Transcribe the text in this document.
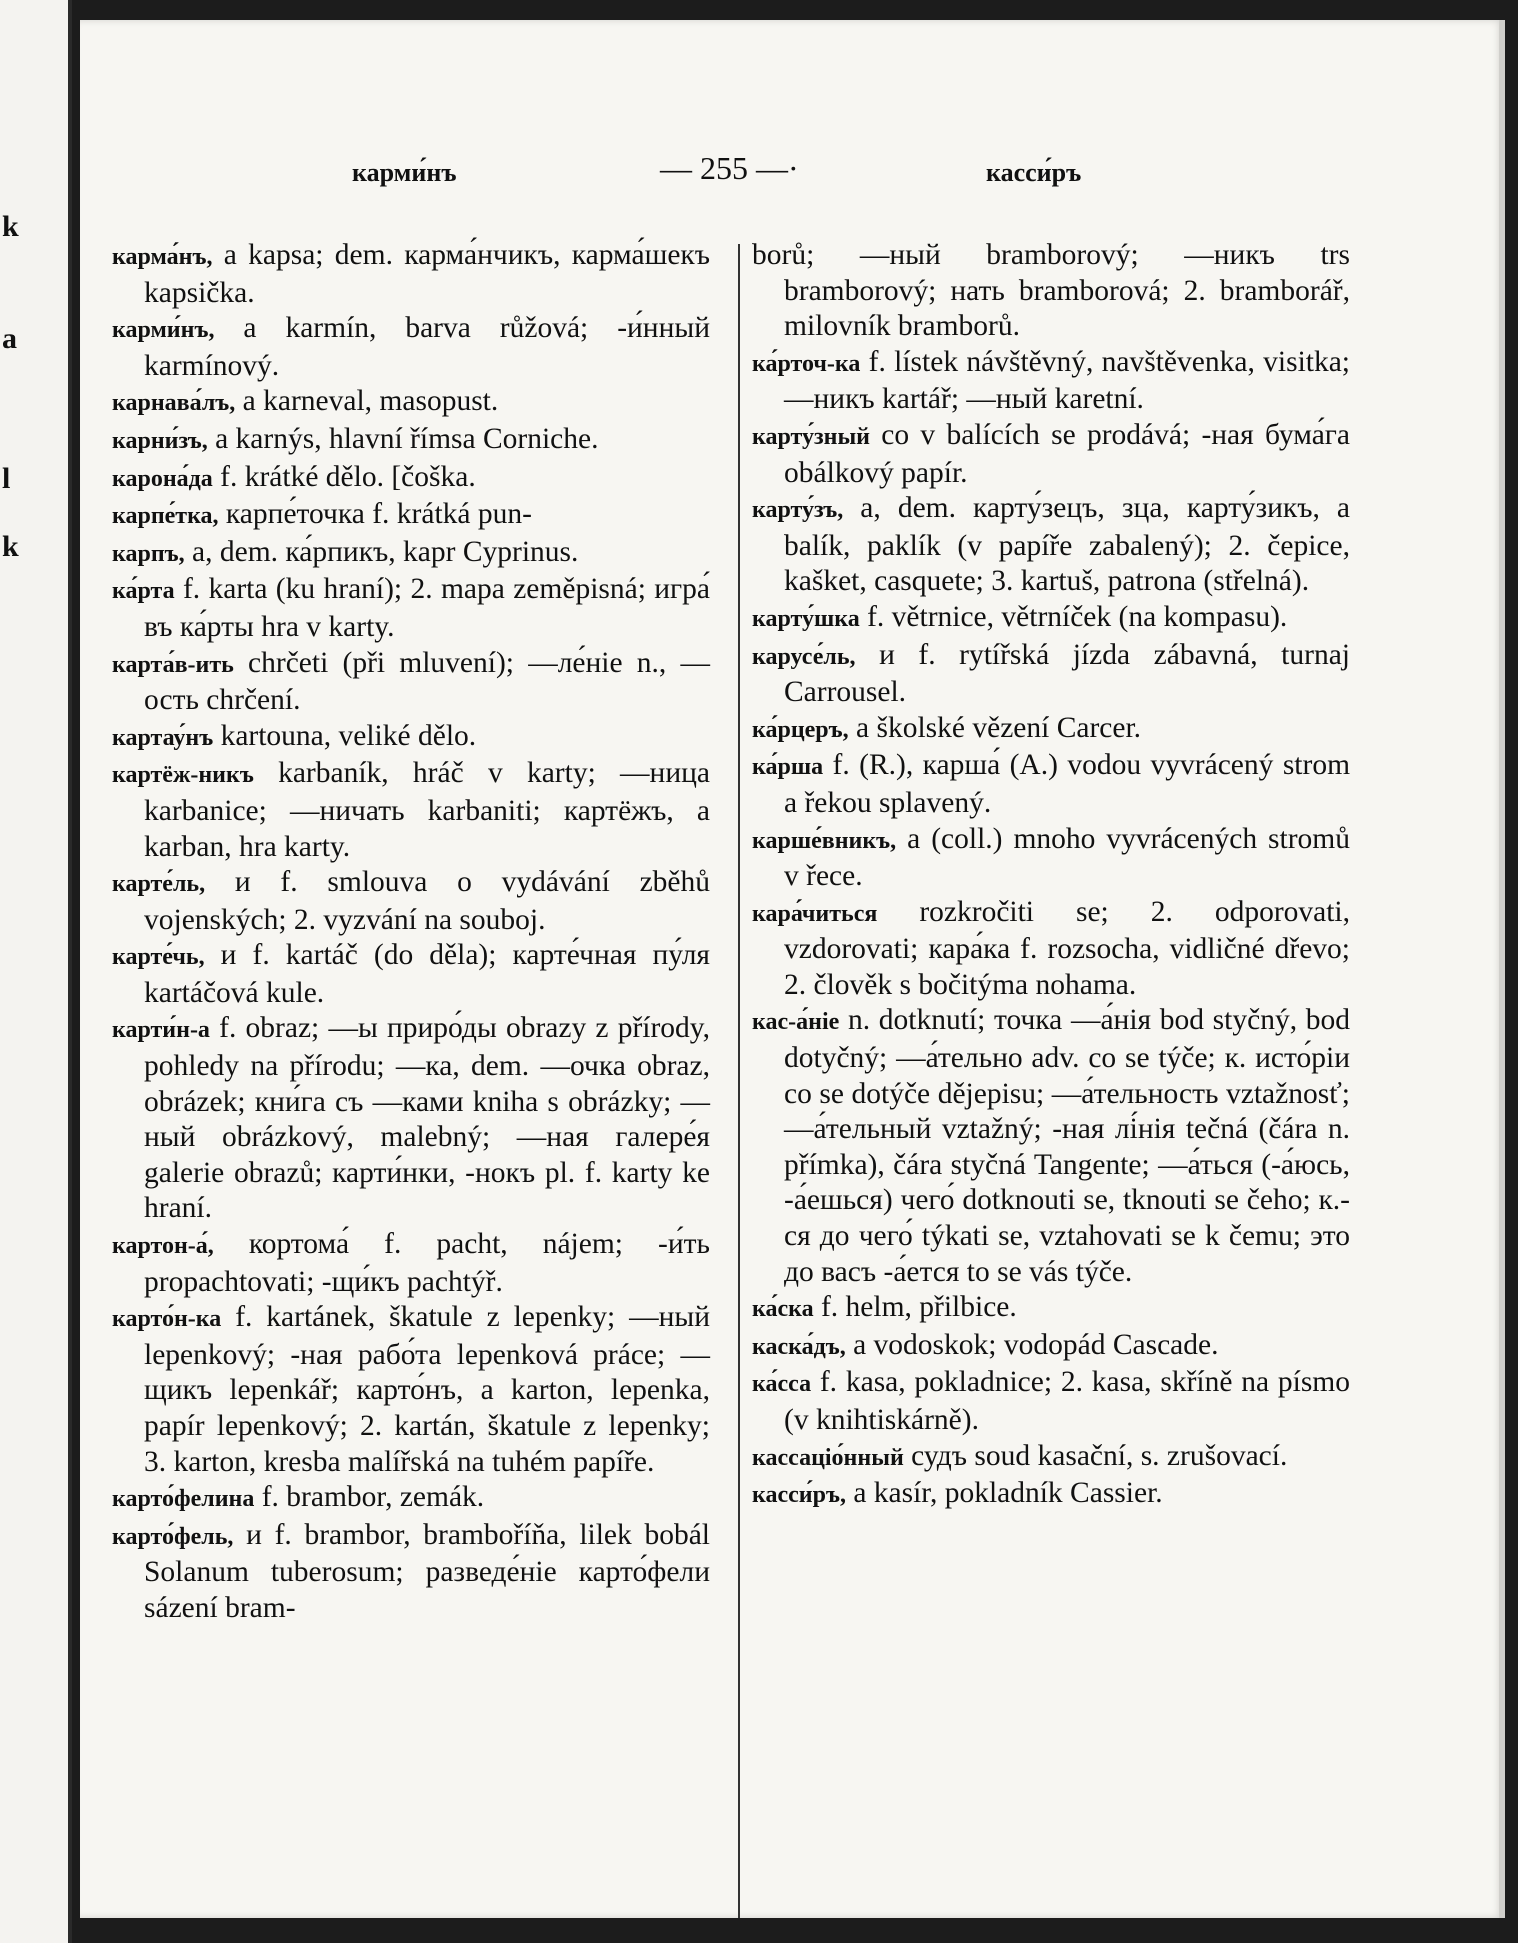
k
a
l
k
карми́нъ	— 255 —·	касси́ръ
карма́нъ, a kapsa; dem. карма́нчикъ, карма́шекъ kapsička.
карми́нъ, a karmín, barva růžová; -и́нный karmínový.
карнава́лъ, a karneval, masopust.
карни́зъ, a karnýs, hlavní římsa Corniche.
карона́да f. krátké dělo. [čoška.
карпе́тка, карпе́точка f. krátká pun-
карпъ, a, dem. ка́рпикъ, kapr Cyprinus.
ка́рта f. karta (ku hraní); 2. mapa zeměpisná; игра́ въ ка́рты hra v karty.
карта́в-ить chrčeti (při mluvení); —ле́ніе n., —ость chrčení.
картау́нъ kartouna, veliké dělo.
картёж-никъ karbaník, hráč v karty; —ница karbanice; —ничать karbaniti; картёжъ, a karban, hra karty.
карте́ль, и f. smlouva o vydávání zběhů vojenských; 2. vyzvání na souboj.
карте́чь, и f. kartáč (do děla); карте́чная пу́ля kartáčová kule.
карти́н-а f. obraz; —ы приро́ды obrazy z přírody, pohledy na přírodu; —ка, dem. —очка obraz, obrázek; кни́га съ —ками kniha s obrázky; —ный obrázkový, malebný; —ная галере́я galerie obrazů; карти́нки, -нокъ pl. f. karty ke hraní.
картон-а́, кортома́ f. pacht, nájem; -и́ть propachtovati; -щи́къ pachtýř.
карто́н-ка f. kartánek, škatule z lepenky; —ный lepenkový; -ная рабо́та lepenková práce; —щикъ lepenkář; карто́нъ, a karton, lepenka, papír lepenkový; 2. kartán, škatule z lepenky; 3. karton, kresba malířská na tuhém papíře.
карто́фелина f. brambor, zemák.
карто́фель, и f. brambor, bramboříňa, lilek bobál Solanum tuberosum; разведе́ніе карто́фели sázení bram-
borů; —ный bramborový; —никъ trs bramborový; нать bramborová; 2. bramborář, milovník bramborů.
ка́рточ-ка f. lístek návštěvný, navštěvenka, visitka; —никъ kartář; —ный karetní.
карту́зный co v balících se prodává; -ная бума́га obálkový papír.
карту́зъ, a, dem. карту́зецъ, зца, карту́зикъ, a balík, paklík (v papíře zabalený); 2. čepice, kašket, casquete; 3. kartuš, patrona (střelná).
карту́шка f. větrnice, větrníček (na kompasu).
карусе́ль, и f. rytířská jízda zábavná, turnaj Carrousel.
ка́рцеръ, a školské vězení Carcer.
ка́рша f. (R.), карша́ (A.) vodou vyvrácený strom a řekou splavený.
карше́вникъ, a (coll.) mnoho vyvrácených stromů v řece.
кара́читься rozkročiti se; 2. odporovati, vzdorovati; кара́ка f. rozsocha, vidličné dřevo; 2. člověk s bočitýma nohama.
кас-а́ніе n. dotknutí; точка —а́нія bod styčný, bod dotyčný; —а́тельно adv. co se týče; к. исто́ріи co se dotýče dějepisu; —а́тельность vztažnosť; —а́тельный vztažný; -ная лі́нія tečná (čára n. přímka), čára styčná Tangente; —а́ться (-а́юсь, -а́ешься) чего́ dotknouti se, tknouti se čeho; к.-ся до чего́ týkati se, vztahovati se k čemu; это до васъ -а́ется to se vás týče.
ка́ска f. helm, přilbice.
каска́дъ, a vodoskok; vodopád Cascade.
ка́сса f. kasa, pokladnice; 2. kasa, skříně na písmo (v knihtiskárně).
кассаціо́нный судъ soud kasační, s. zrušovací.
касси́ръ, a kasír, pokladník Cassier.
